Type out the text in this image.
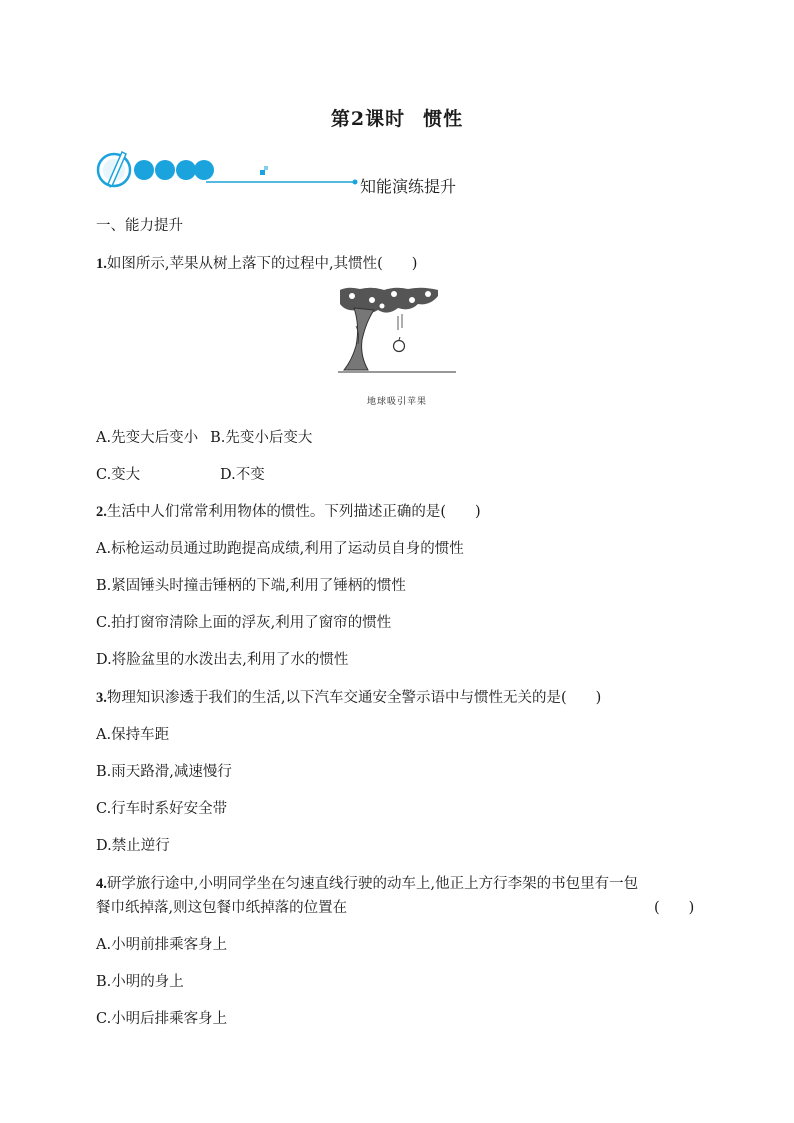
第2课时 惯性
知能演练提升
一、能力提升
1.如图所示,苹果从树上落下的过程中,其惯性(　　)
地球吸引苹果
A.先变大后变小 B.先变小后变大
C.变大	D.不变
2.生活中人们常常利用物体的惯性。下列描述正确的是(　　)
A.标枪运动员通过助跑提高成绩,利用了运动员自身的惯性
B.紧固锤头时撞击锤柄的下端,利用了锤柄的惯性
C.拍打窗帘清除上面的浮灰,利用了窗帘的惯性
D.将脸盆里的水泼出去,利用了水的惯性
3.物理知识渗透于我们的生活,以下汽车交通安全警示语中与惯性无关的是(　　)
A.保持车距
B.雨天路滑,减速慢行
C.行车时系好安全带
D.禁止逆行
4.研学旅行途中,小明同学坐在匀速直线行驶的动车上,他正上方行李架的书包里有一包
餐巾纸掉落,则这包餐巾纸掉落的位置在	(　　)
A.小明前排乘客身上
B.小明的身上
C.小明后排乘客身上
